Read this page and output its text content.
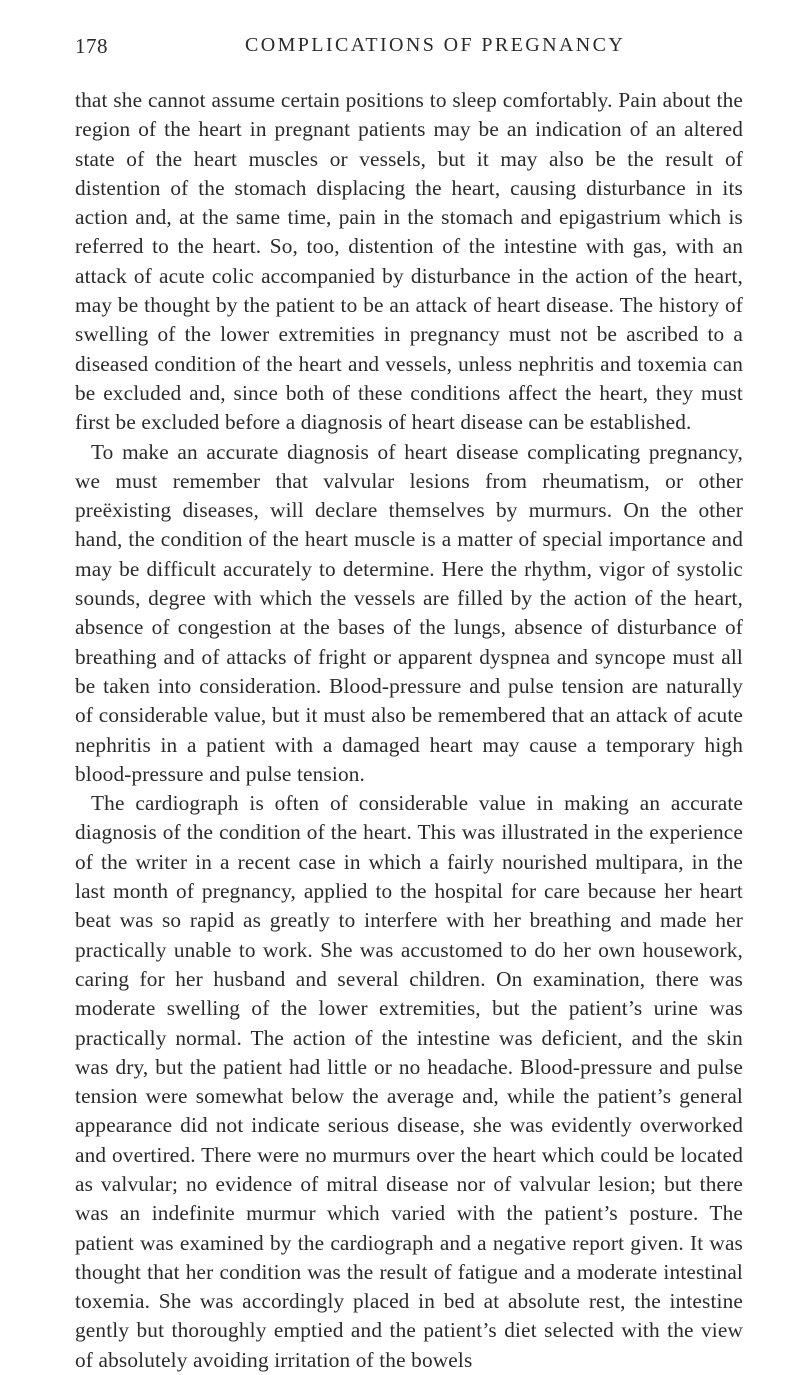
178	COMPLICATIONS OF PREGNANCY

that she cannot assume certain positions to sleep comfortably. Pain about the region of the heart in pregnant patients may be an indication of an altered state of the heart muscles or vessels, but it may also be the result of distention of the stomach displacing the heart, causing disturbance in its action and, at the same time, pain in the stomach and epigastrium which is referred to the heart. So, too, distention of the intestine with gas, with an attack of acute colic accompanied by disturbance in the action of the heart, may be thought by the patient to be an attack of heart disease. The history of swelling of the lower extremities in pregnancy must not be ascribed to a diseased condition of the heart and vessels, unless nephritis and toxemia can be excluded and, since both of these conditions affect the heart, they must first be excluded before a diagnosis of heart disease can be established.

To make an accurate diagnosis of heart disease complicating pregnancy, we must remember that valvular lesions from rheumatism, or other preëxisting diseases, will declare themselves by murmurs. On the other hand, the condition of the heart muscle is a matter of special importance and may be difficult accurately to determine. Here the rhythm, vigor of systolic sounds, degree with which the vessels are filled by the action of the heart, absence of congestion at the bases of the lungs, absence of disturbance of breathing and of attacks of fright or apparent dyspnea and syncope must all be taken into consideration. Blood-pressure and pulse tension are naturally of considerable value, but it must also be remembered that an attack of acute nephritis in a patient with a damaged heart may cause a temporary high blood-pressure and pulse tension.

The cardiograph is often of considerable value in making an accurate diagnosis of the condition of the heart. This was illustrated in the experience of the writer in a recent case in which a fairly nourished multipara, in the last month of pregnancy, applied to the hospital for care because her heart beat was so rapid as greatly to interfere with her breathing and made her practically unable to work. She was accustomed to do her own housework, caring for her husband and several children. On examination, there was moderate swelling of the lower extremities, but the patient’s urine was practically normal. The action of the intestine was deficient, and the skin was dry, but the patient had little or no headache. Blood-pressure and pulse tension were somewhat below the average and, while the patient’s general appearance did not indicate serious disease, she was evidently overworked and overtired. There were no murmurs over the heart which could be located as valvular; no evidence of mitral disease nor of valvular lesion; but there was an indefinite murmur which varied with the patient’s posture. The patient was examined by the cardiograph and a negative report given. It was thought that her condition was the result of fatigue and a moderate intestinal toxemia. She was accordingly placed in bed at absolute rest, the intestine gently but thoroughly emptied and the patient’s diet selected with the view of absolutely avoiding irritation of the bowels
